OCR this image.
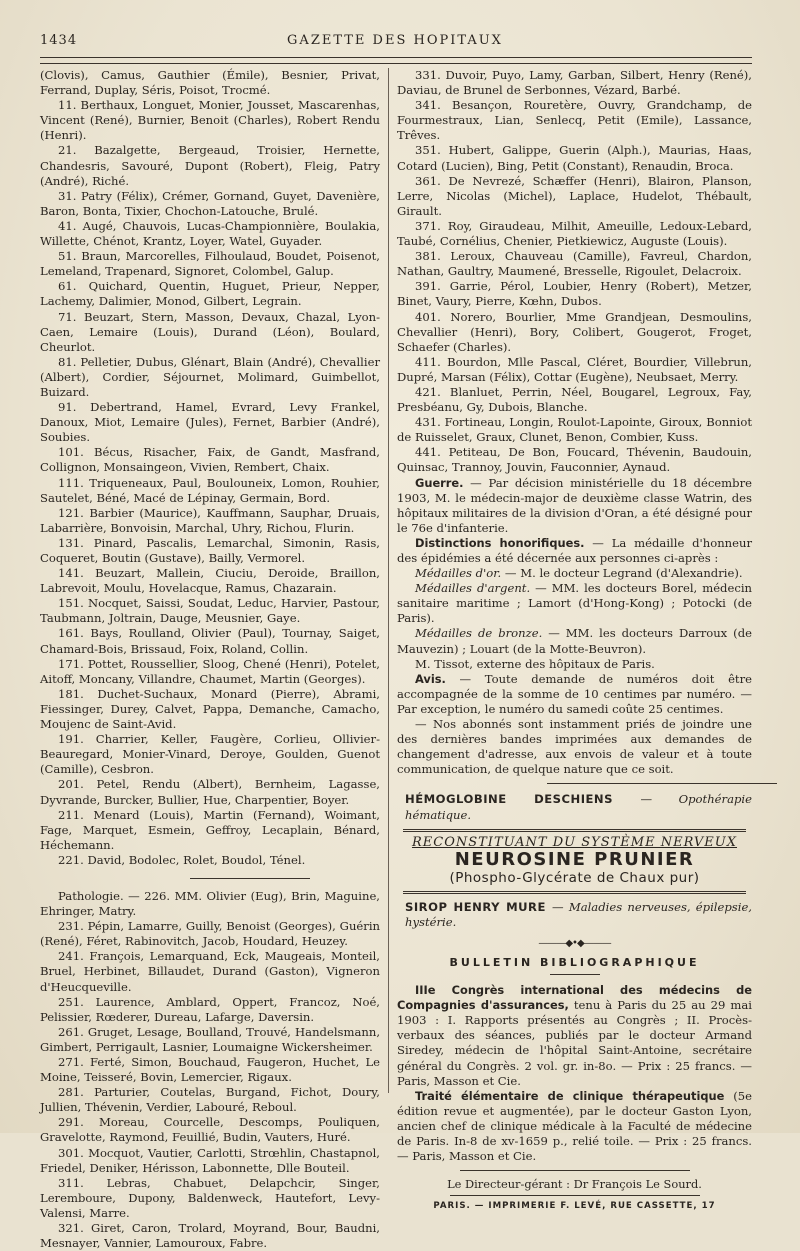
1434	GAZETTE DES HOPITAUX

(Clovis), Camus, Gauthier (Émile), Besnier, Privat, Ferrand, Duplay, Séris, Poisot, Trocmé.

11. Berthaux, Longuet, Monier, Jousset, Mascarenhas, Vincent (René), Burnier, Benoit (Charles), Robert Rendu (Henri).

21. Bazalgette, Bergeaud, Troisier, Hernette, Chandesris, Savouré, Dupont (Robert), Fleig, Patry (André), Riché.

31. Patry (Félix), Crémer, Gornand, Guyet, Davenière, Baron, Bonta, Tixier, Chochon-Latouche, Brulé.

41. Augé, Chauvois, Lucas-Championnière, Boulakia, Willette, Chénot, Krantz, Loyer, Watel, Guyader.

51. Braun, Marcorelles, Filhoulaud, Boudet, Poisenot, Lemeland, Trapenard, Signoret, Colombel, Galup.

61. Quichard, Quentin, Huguet, Prieur, Nepper, Lachemy, Dalimier, Monod, Gilbert, Legrain.

71. Beuzart, Stern, Masson, Devaux, Chazal, Lyon-Caen, Lemaire (Louis), Durand (Léon), Boulard, Cheurlot.

81. Pelletier, Dubus, Glénart, Blain (André), Chevallier (Albert), Cordier, Séjournet, Molimard, Guimbellot, Buizard.

91. Debertrand, Hamel, Evrard, Levy Frankel, Danoux, Miot, Lemaire (Jules), Fernet, Barbier (André), Soubies.

101. Bécus, Risacher, Faix, de Gandt, Masfrand, Collignon, Monsaingeon, Vivien, Rembert, Chaix.

111. Triqueneaux, Paul, Boulouneix, Lomon, Rouhier, Sautelet, Béné, Macé de Lépinay, Germain, Bord.

121. Barbier (Maurice), Kauffmann, Sauphar, Druais, Labarrière, Bonvoisin, Marchal, Uhry, Richou, Flurin.

131. Pinard, Pascalis, Lemarchal, Simonin, Rasis, Coqueret, Boutin (Gustave), Bailly, Vermorel.

141. Beuzart, Mallein, Ciuciu, Deroide, Braillon, Labrevoit, Moulu, Hovelacque, Ramus, Chazarain.

151. Nocquet, Saissi, Soudat, Leduc, Harvier, Pastour, Taubmann, Joltrain, Dauge, Meusnier, Gaye.

161. Bays, Roulland, Olivier (Paul), Tournay, Saiget, Chamard-Bois, Brissaud, Foix, Roland, Collin.

171. Pottet, Roussellier, Sloog, Chené (Henri), Potelet, Aitoff, Moncany, Villandre, Chaumet, Martin (Georges).

181. Duchet-Suchaux, Monard (Pierre), Abrami, Fiessinger, Durey, Calvet, Pappa, Demanche, Camacho, Moujenc de Saint-Avid.

191. Charrier, Keller, Faugère, Corlieu, Ollivier-Beauregard, Monier-Vinard, Deroye, Goulden, Guenot (Camille), Cesbron.

201. Petel, Rendu (Albert), Bernheim, Lagasse, Dyvrande, Burcker, Bullier, Hue, Charpentier, Boyer.

211. Menard (Louis), Martin (Fernand), Woimant, Fage, Marquet, Esmein, Geffroy, Lecaplain, Bénard, Héchemann.

221. David, Bodolec, Rolet, Boudol, Ténel.

Pathologie. — 226. MM. Olivier (Eug), Brin, Maguine, Ehringer, Matry.

231. Pépin, Lamarre, Guilly, Benoist (Georges), Guérin (René), Féret, Rabinovitch, Jacob, Houdard, Heuzey.

241. François, Lemarquand, Eck, Maugeais, Monteil, Bruel, Herbinet, Billaudet, Durand (Gaston), Vigneron d'Heucqueville.

251. Laurence, Amblard, Oppert, Francoz, Noé, Pelissier, Rœderer, Dureau, Lafarge, Daversin.

261. Gruget, Lesage, Boulland, Trouvé, Handelsmann, Gimbert, Perrigault, Lasnier, Loumaigne Wickersheimer.

271. Ferté, Simon, Bouchaud, Faugeron, Huchet, Le Moine, Teisseré, Bovin, Lemercier, Rigaux.

281. Parturier, Coutelas, Burgand, Fichot, Doury, Jullien, Thévenin, Verdier, Labouré, Reboul.

291. Moreau, Courcelle, Descomps, Pouliquen, Gravelotte, Raymond, Feuillié, Budin, Vauters, Huré.

301. Mocquot, Vautier, Carlotti, Strœhlin, Chastapnol, Friedel, Deniker, Hérisson, Labonnette, Dlle Bouteil.

311. Lebras, Chabuet, Delapchcir, Singer, Leremboure, Dupony, Baldenweck, Hautefort, Levy-Valensi, Marre.

321. Giret, Caron, Trolard, Moyrand, Bour, Baudni, Mesnayer, Vannier, Lamouroux, Fabre.

331. Duvoir, Puyo, Lamy, Garban, Silbert, Henry (René), Daviau, de Brunel de Serbonnes, Vézard, Barbé.

341. Besançon, Rouretère, Ouvry, Grandchamp, de Fourmestraux, Lian, Senlecq, Petit (Emile), Lassance, Trêves.

351. Hubert, Galippe, Guerin (Alph.), Maurias, Haas, Cotard (Lucien), Bing, Petit (Constant), Renaudin, Broca.

361. De Nevrezé, Schæffer (Henri), Blairon, Planson, Lerre, Nicolas (Michel), Laplace, Hudelot, Thébault, Girault.

371. Roy, Giraudeau, Milhit, Ameuille, Ledoux-Lebard, Taubé, Cornélius, Chenier, Pietkiewicz, Auguste (Louis).

381. Leroux, Chauveau (Camille), Favreul, Chardon, Nathan, Gaultry, Maumené, Bresselle, Rigoulet, Delacroix.

391. Garrie, Pérol, Loubier, Henry (Robert), Metzer, Binet, Vaury, Pierre, Kœhn, Dubos.

401. Norero, Bourlier, Mme Grandjean, Desmoulins, Chevallier (Henri), Bory, Colibert, Gougerot, Froget, Schaefer (Charles).

411. Bourdon, Mlle Pascal, Cléret, Bourdier, Villebrun, Dupré, Marsan (Félix), Cottar (Eugène), Neubsaet, Merry.

421. Blanluet, Perrin, Néel, Bougarel, Legroux, Fay, Presbéanu, Gy, Dubois, Blanche.

431. Fortineau, Longin, Roulot-Lapointe, Giroux, Bonniot de Ruisselet, Graux, Clunet, Benon, Combier, Kuss.

441. Petiteau, De Bon, Foucard, Thévenin, Baudouin, Quinsac, Trannoy, Jouvin, Fauconnier, Aynaud.

Guerre. — Par décision ministérielle du 18 décembre 1903, M. le médecin-major de deuxième classe Watrin, des hôpitaux militaires de la division d'Oran, a été désigné pour le 76e d'infanterie.

Distinctions honorifiques. — La médaille d'honneur des épidémies a été décernée aux personnes ci-après :

Médailles d'or. — M. le docteur Legrand (d'Alexandrie).

Médailles d'argent. — MM. les docteurs Borel, médecin sanitaire maritime ; Lamort (d'Hong-Kong) ; Potocki (de Paris).

Médailles de bronze. — MM. les docteurs Darroux (de Mauvezin) ; Louart (de la Motte-Beuvron).

M. Tissot, externe des hôpitaux de Paris.

Avis. — Toute demande de numéros doit être accompagnée de la somme de 10 centimes par numéro. — Par exception, le numéro du samedi coûte 25 centimes.

— Nos abonnés sont instamment priés de joindre une des dernières bandes imprimées aux demandes de changement d'adresse, aux envois de valeur et à toute communication, de quelque nature que ce soit.

HÉMOGLOBINE DESCHIENS — Opothérapie hématique.
RECONSTITUANT DU SYSTÈME NERVEUX
NEUROSINE PRUNIER
(Phospho-Glycérate de Chaux pur)
SIROP HENRY MURE — Maladies nerveuses, épilepsie, hystérie.
———◆•◆———
BULLETIN BIBLIOGRAPHIQUE

IIIe Congrès international des médecins de Compagnies d'assurances, tenu à Paris du 25 au 29 mai 1903 : I. Rapports présentés au Congrès ; II. Procès-verbaux des séances, publiés par le docteur Armand Siredey, médecin de l'hôpital Saint-Antoine, secrétaire général du Congrès. 2 vol. gr. in-8o. — Prix : 25 francs. — Paris, Masson et Cie.

Traité élémentaire de clinique thérapeutique (5e édition revue et augmentée), par le docteur Gaston Lyon, ancien chef de clinique médicale à la Faculté de médecine de Paris. In-8 de xv-1659 p., relié toile. — Prix : 25 francs. — Paris, Masson et Cie.

Le Directeur-gérant : Dr François Le Sourd.
PARIS. — IMPRIMERIE F. LEVÉ, RUE CASSETTE, 17
